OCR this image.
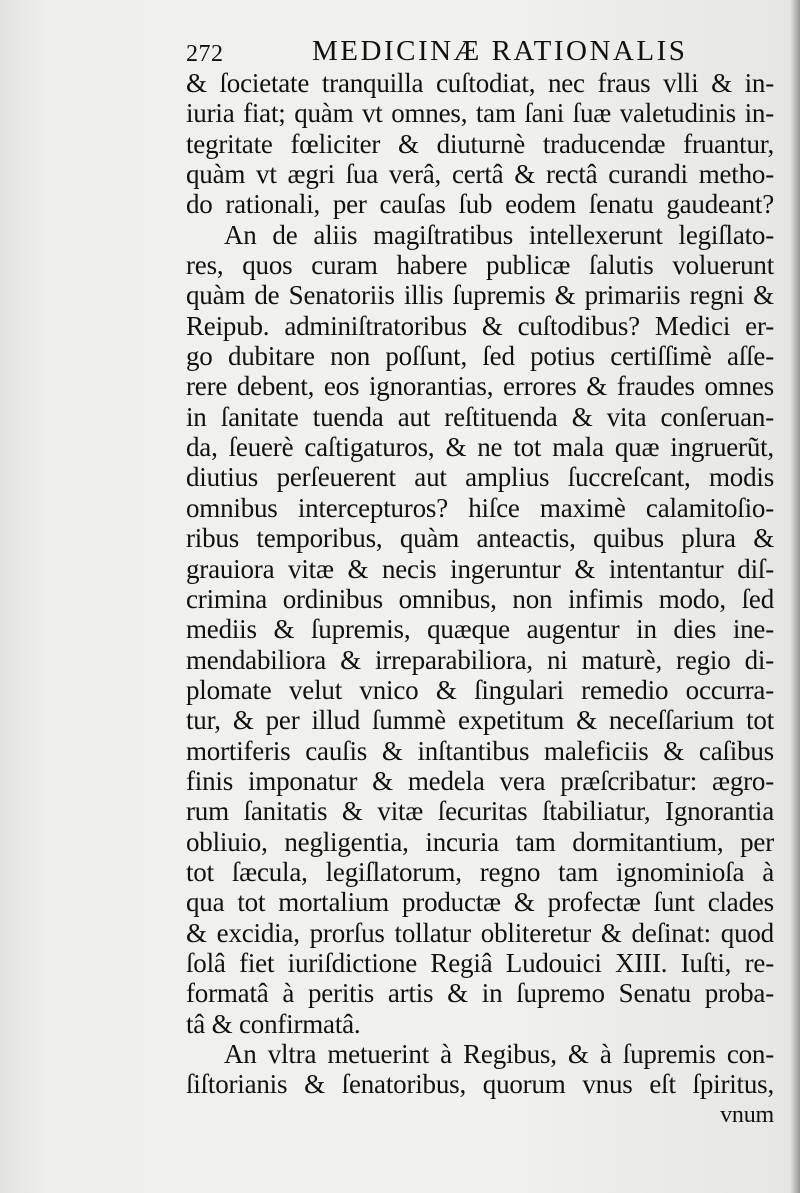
272	MEDICINÆ RATIONALIS
& ſocietate tranquilla cuſtodiat, nec fraus vlli & in-
iuria fiat; quàm vt omnes, tam ſani ſuæ valetudinis in-
tegritate fœliciter & diuturnè traducendæ fruantur,
quàm vt ægri ſua verâ, certâ & rectâ curandi metho-
do rationali, per cauſas ſub eodem ſenatu gaudeant?
An de aliis magiſtratibus intellexerunt legiſlato-
res, quos curam habere publicæ ſalutis voluerunt
quàm de Senatoriis illis ſupremis & primariis regni &
Reipub. adminiſtratoribus & cuſtodibus? Medici er-
go dubitare non poſſunt, ſed potius certiſſimè aſſe-
rere debent, eos ignorantias, errores & fraudes omnes
in ſanitate tuenda aut reſtituenda & vita conſeruan-
da, ſeuerè caſtigaturos, & ne tot mala quæ ingruerũt,
diutius perſeuerent aut amplius ſuccreſcant, modis
omnibus intercepturos? hiſce maximè calamitoſio-
ribus temporibus, quàm anteactis, quibus plura &
grauiora vitæ & necis ingeruntur & intentantur diſ-
crimina ordinibus omnibus, non infimis modo, ſed
mediis & ſupremis, quæque augentur in dies ine-
mendabiliora & irreparabiliora, ni maturè, regio di-
plomate velut vnico & ſingulari remedio occurra-
tur, & per illud ſummè expetitum & neceſſarium tot
mortiferis cauſis & inſtantibus maleficiis & caſibus
finis imponatur & medela vera præſcribatur: ægro-
rum ſanitatis & vitæ ſecuritas ſtabiliatur, Ignorantia
obliuio, negligentia, incuria tam dormitantium, per
tot ſæcula, legiſlatorum, regno tam ignominioſa à
qua tot mortalium productæ & profectæ ſunt clades
& excidia, prorſus tollatur obliteretur & deſinat: quod
ſolâ fiet iuriſdictione Regiâ Ludouici XIII. Iuſti, re-
formatâ à peritis artis & in ſupremo Senatu proba-
tâ & confirmatâ.
An vltra metuerint à Regibus, & à ſupremis con-
ſiſtorianis & ſenatoribus, quorum vnus eſt ſpiritus,
vnum
